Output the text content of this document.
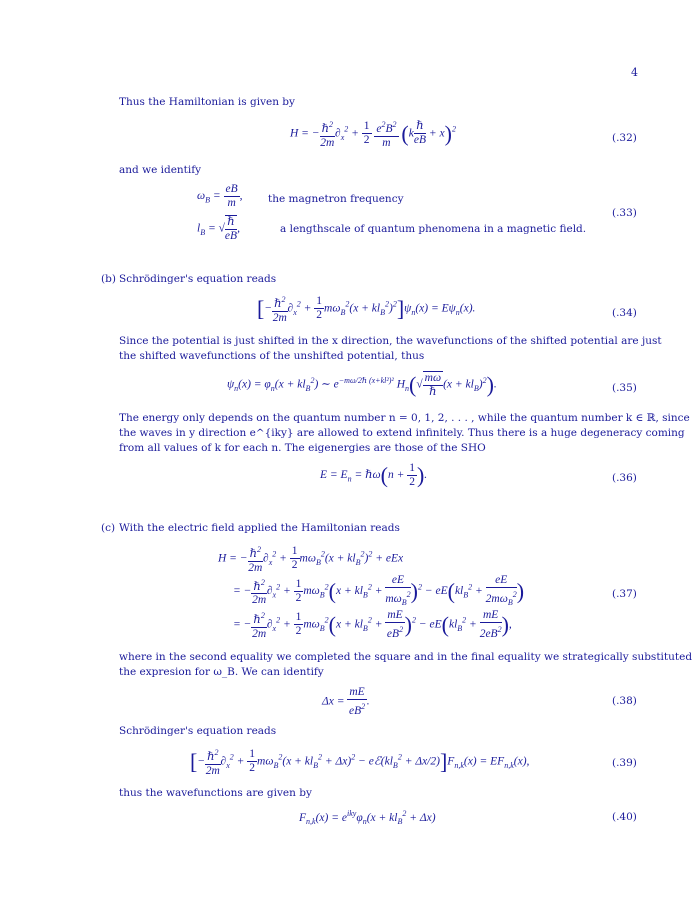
4
Thus the Hamiltonian is given by
H = − $\frac{\hbar^2}{2m} \partial_x^2 + \frac{1}{2}$
$\frac{e^2B^2}{m} (k \frac{\text{ℏ}}{eB} + x)^2$
(.32)
and we identify
$\omega_B = \frac{eB}{m}$ , the magnetron frequency
$l_B$ = √ $\frac{\text{ℏ}}{eB}$ ,	a lengthscale of quantum phenomena in a magnetic field.
(.33)
(b) Schrödinger's equation reads
[− $\frac{\hbar^2}{2m} \partial_x^2 + \frac{1}{2} m\omega_B^2(x + kl_B^2)^2]\psi_n(x) = E\psi_n(x)$.	(.34)
Since the potential is just shifted in the x direction, the wavefunctions of the shifted potential are just
the shifted wavefunctions of the unshifted potential, thus
$\psi_n(x) = \varphi_n(x + kl_B^2)$ ∼ $e^{-m\omega/2\hbar (x+kl^2)^2}$ $H_n(√ \frac{m\omega}{\text{ℏ}} (x + kl_B)^2)$.	(.35)
The energy only depends on the quantum number n = 0, 1, 2, . . . , while the quantum number k ∈ ℝ, since
the waves in y direction e^{iky} are allowed to extend infinitely. Thus there is a huge degeneracy coming
from all values of k for each n. The eigenergies are those of the SHO
$E = E_n$ = ℏω(n + $\frac{1}{2}$ ).	(.36)
(c) With the electric field applied the Hamiltonian reads
H = − $\frac{\hbar^2}{2m} \partial_x^2 + \frac{1}{2} m\omega_B^2(x + kl_B^2)^2$ + eEx
= − $\frac{\hbar^2}{2m} \partial_x^2 + \frac{1}{2} m\omega_B^2(x + kl_B^2 + \frac{eE}{m\omega_B^2} )^2 - eE(kl_B^2 + \frac{eE}{2m\omega_B^2}$ )
= − $\frac{\hbar^2}{2m} \partial_x^2 + \frac{1}{2} m\omega_B^2(x + kl_B^2 + \frac{mE}{eB^2} )^2 - eE(kl_B^2 + \frac{mE}{2eB^2}$ ),
(.37)
where in the second equality we completed the square and in the final equality we strategically substituted
the expresion for ω_B. We can identify
$\Delta x = \frac{mE}{eB^2}$ .	(.38)
Schrödinger's equation reads
[− $\frac{\hbar^2}{2m} \partial_x^2 + \frac{1}{2} m\omega_B^2(x + kl_B^2 + \Delta x)^2$ − $eℰ(kl_B^2 + \Delta x/2)]F_{n,k}(x) = EF_{n,k}(x)$,	(.39)
thus the wavefunctions are given by
$F_{n,k}(x) = e^{iky}\varphi_n(x + kl_B^2 + \Delta x)$	(.40)
